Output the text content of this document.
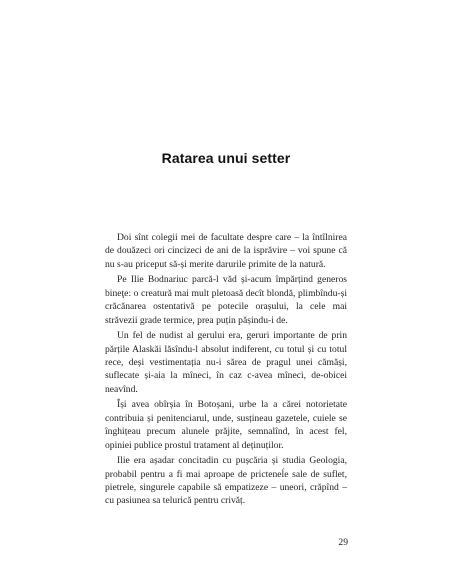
Ratarea unui setter

Doi sînt colegii mei de facultate despre care – la întîlnirea de douăzeci ori cincizeci de ani de la isprăvire – voi spune că nu s-au priceput să-și merite darurile primite de la natură.

Pe Ilie Bodnariuc parcă-l văd și-acum împărțind generos bineţe: o creatură mai mult pletoasă decît blondă, plimbîndu-și crăcănarea ostentativă pe potecile orașului, la cele mai străvezii grade termice, prea puțin pășindu-i de.

Un fel de nudist al gerului era, geruri importante de prin părțile Alaskăi lăsîndu-l absolut indiferent, cu totul și cu totul rece, deși vestimentația nu-i sărea de pragul unei cămăși, suflecate și-aia la mîneci, în caz c-avea mîneci, de-obicei neavînd.

Își avea obîrșia în Botoșani, urbe la a cărei notorietate contribuia și penitenciarul, unde, susțineau gazetele, cuiele se înghițeau precum alunele prăjite, semnalînd, în acest fel, opiniei publice prostul tratament al deținuților.

Ilie era așadar concitadin cu pușcăria și studia Geologia, probabil pentru a fi mai aproape de pricteneĺe sale de suflet, pietrele, singurele capabile să empatizeze – uneori, crăpînd – cu pasiunea sa telurică pentru crivăț.

29
